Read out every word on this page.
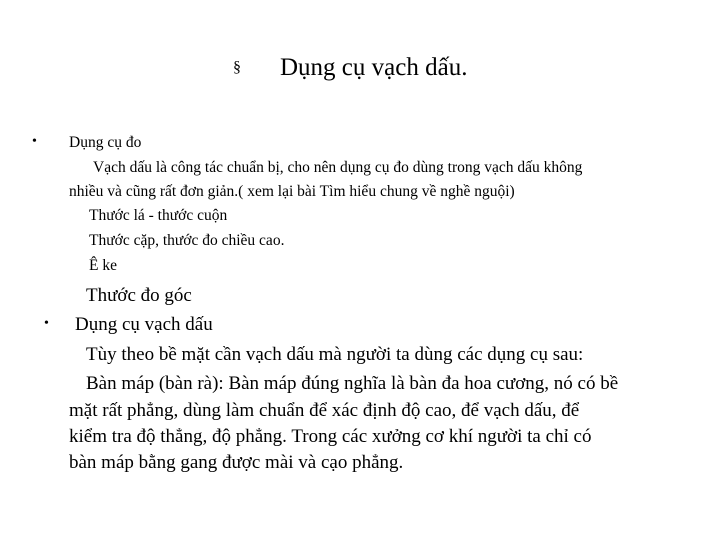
§ Dụng cụ vạch dấu.
• Dụng cụ đo
Vạch dấu là công tác chuẩn bị, cho nên dụng cụ đo dùng trong vạch dấu không
nhiều và cũng rất đơn giản.( xem lại bài Tìm hiểu chung về nghề nguội)
Thước lá - thước cuộn
Thước cặp, thước đo chiều cao.
Ê ke
Thước đo góc
• Dụng cụ vạch dấu
Tùy theo bề mặt cần vạch dấu mà người ta dùng các dụng cụ sau:
Bàn máp (bàn rà): Bàn máp đúng nghĩa là bàn đa hoa cương, nó có bề
mặt rất phẳng, dùng làm chuẩn để xác định độ cao, để vạch dấu, để
kiểm tra độ thẳng, độ phẳng. Trong các xưởng cơ khí người ta chỉ có
bàn máp bằng gang được mài và cạo phẳng.
